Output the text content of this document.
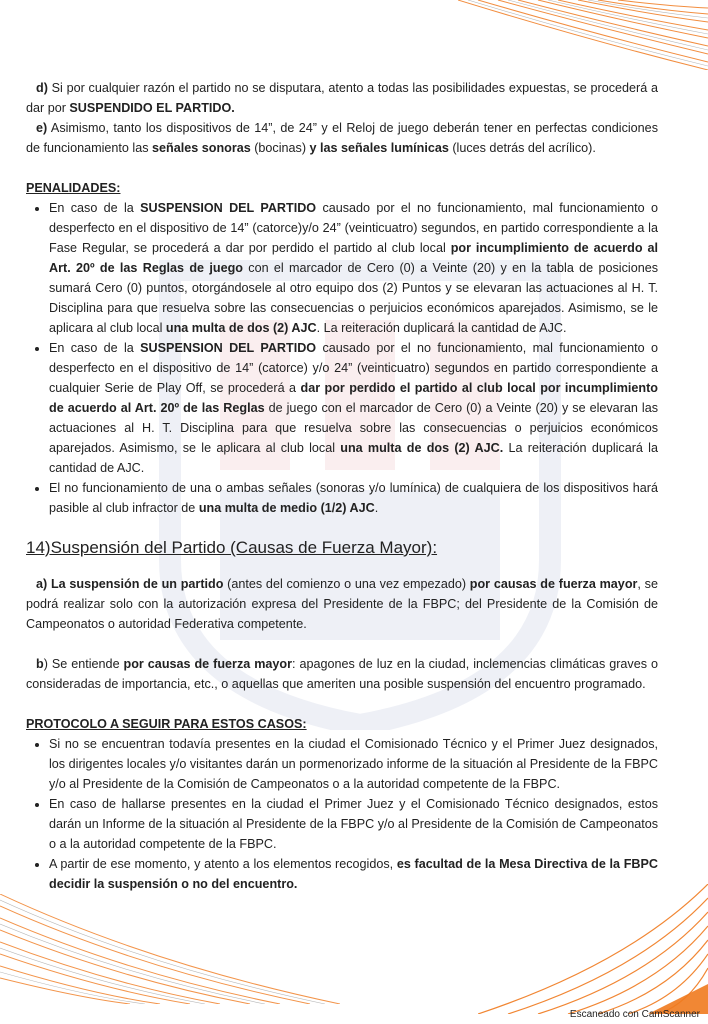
d) Si por cualquier razón el partido no se disputara, atento a todas las posibilidades expuestas, se procederá a dar por SUSPENDIDO EL PARTIDO.

e) Asimismo, tanto los dispositivos de 14”, de 24” y el Reloj de juego deberán tener en perfectas condiciones de funcionamiento las señales sonoras (bocinas) y las señales lumínicas (luces detrás del acrílico).

PENALIDADES:

• En caso de la SUSPENSION DEL PARTIDO causado por el no funcionamiento, mal funcionamiento o desperfecto en el dispositivo de 14” (catorce)y/o 24” (veinticuatro) segundos, en partido correspondiente a la Fase Regular, se procederá a dar por perdido el partido al club local por incumplimiento de acuerdo al Art. 20º de las Reglas de juego con el marcador de Cero (0) a Veinte (20) y en la tabla de posiciones sumará Cero (0) puntos, otorgándosele al otro equipo dos (2) Puntos y se elevaran las actuaciones al H. T. Disciplina para que resuelva sobre las consecuencias o perjuicios económicos aparejados. Asimismo, se le aplicara al club local una multa de dos (2) AJC. La reiteración duplicará la cantidad de AJC.
• En caso de la SUSPENSION DEL PARTIDO causado por el no funcionamiento, mal funcionamiento o desperfecto en el dispositivo de 14” (catorce) y/o 24” (veinticuatro) segundos en partido correspondiente a cualquier Serie de Play Off, se procederá a dar por perdido el partido al club local por incumplimiento de acuerdo al Art. 20º de las Reglas de juego con el marcador de Cero (0) a Veinte (20) y se elevaran las actuaciones al H. T. Disciplina para que resuelva sobre las consecuencias o perjuicios económicos aparejados. Asimismo, se le aplicara al club local una multa de dos (2) AJC. La reiteración duplicará la cantidad de AJC.
• El no funcionamiento de una o ambas señales (sonoras y/o lumínica) de cualquiera de los dispositivos hará pasible al club infractor de una multa de medio (1/2) AJC.
14)Suspensión del Partido (Causas de Fuerza Mayor):

a) La suspensión de un partido (antes del comienzo o una vez empezado) por causas de fuerza mayor, se podrá realizar solo con la autorización expresa del Presidente de la FBPC; del Presidente de la Comisión de Campeonatos o autoridad Federativa competente.

b) Se entiende por causas de fuerza mayor: apagones de luz en la ciudad, inclemencias climáticas graves o consideradas de importancia, etc., o aquellas que ameriten una posible suspensión del encuentro programado.

PROTOCOLO A SEGUIR PARA ESTOS CASOS:

• Si no se encuentran todavía presentes en la ciudad el Comisionado Técnico y el Primer Juez designados, los dirigentes locales y/o visitantes darán un pormenorizado informe de la situación al Presidente de la FBPC y/o al Presidente de la Comisión de Campeonatos o a la autoridad competente de la FBPC.
• En caso de hallarse presentes en la ciudad el Primer Juez y el Comisionado Técnico designados, estos darán un Informe de la situación al Presidente de la FBPC y/o al Presidente de la Comisión de Campeonatos o a la autoridad competente de la FBPC.
• A partir de ese momento, y atento a los elementos recogidos, es facultad de la Mesa Directiva de la FBPC decidir la suspensión o no del encuentro.
Escaneado con CamScanner
